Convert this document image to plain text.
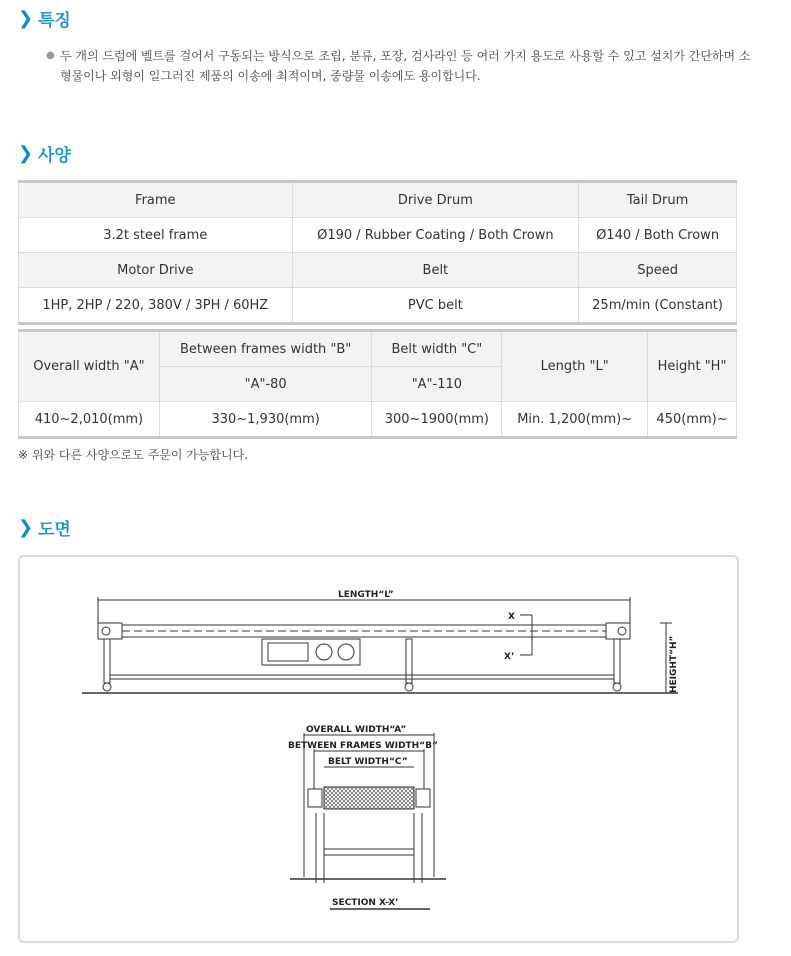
❯ 특징
● 두 개의 드럼에 벨트를 걸어서 구동되는 방식으로 조립, 분류, 포장, 검사라인 등 여러 가지 용도로 사용할 수 있고 설치가 간단하며 소형물이나 외형이 일그러진 제품의 이송에 최적이며, 중량물 이송에도 용이합니다.
❯ 사양
Frame	Drive Drum	Tail Drum
3.2t steel frame	Ø190 / Rubber Coating / Both Crown	Ø140 / Both Crown
Motor Drive	Belt	Speed
1HP, 2HP / 220, 380V / 3PH / 60HZ	PVC belt	25m/min (Constant)
Overall width "A"	Between frames width "B"	Belt width "C"	Length "L"	Height "H"
	"A"-80	"A"-110		
410~2,010(mm)	330~1,930(mm)	300~1900(mm)	Min. 1,200(mm)~	450(mm)~
※ 위와 다른 사양으로도 주문이 가능합니다.
❯ 도면
LENGTH“L”
X
X’	HEIGHT“H”
OVERALL WIDTH“A”
BETWEEN FRAMES WIDTH“B”
BELT WIDTH“C”
SECTION X-X’
